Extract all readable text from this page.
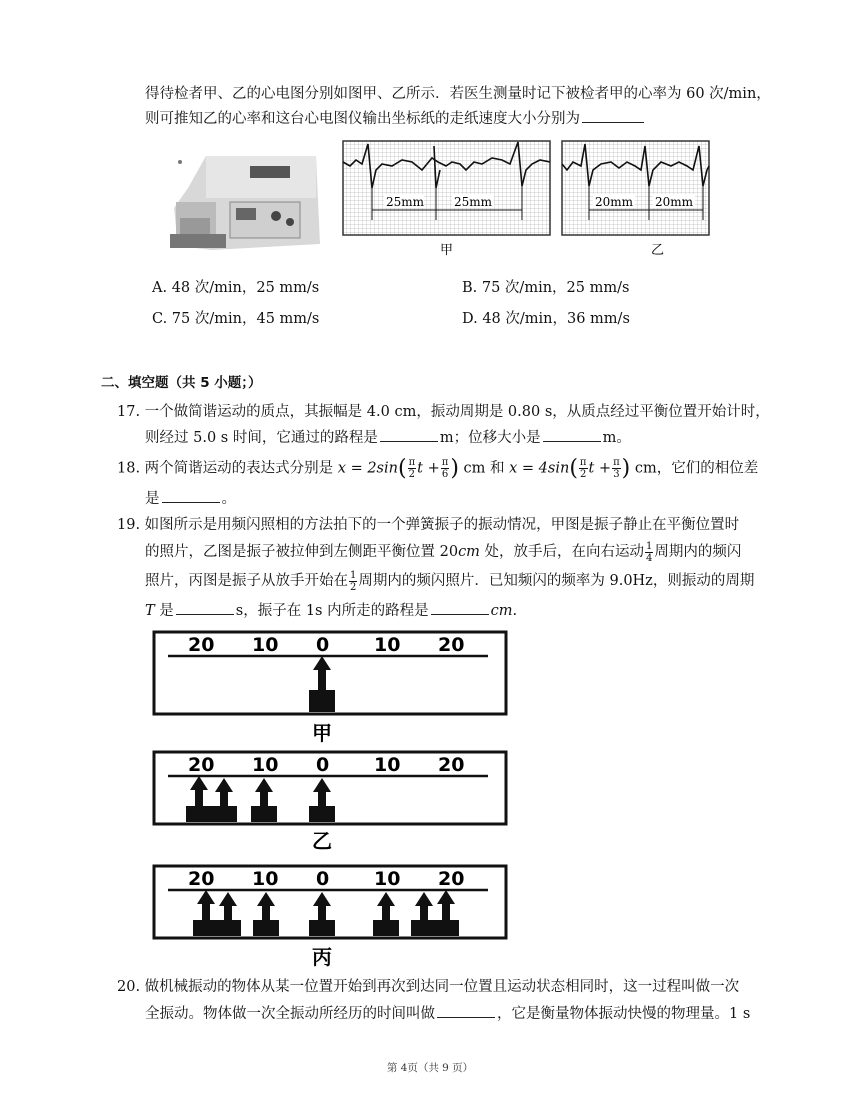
得待检者甲、乙的心电图分别如图甲、乙所示．若医生测量时记下被检者甲的心率为 60 次/min，
则可推知乙的心率和这台心电图仪输出坐标纸的走纸速度大小分别为
25mm 25mm
甲
20mm 20mm
乙
A. 48 次/min，25 mm/s	B. 75 次/min，25 mm/s
C. 75 次/min，45 mm/s	D. 48 次/min，36 mm/s
二、填空题（共 5 小题；）
17. 一个做简谐运动的质点，其振幅是 4.0 cm，振动周期是 0.80 s，从质点经过平衡位置开始计时，
则经过 5.0 s 时间，它通过的路程是	m；位移大小是	m。
18. 两个简谐运动的表达式分别是 $x = 2\sin( \frac{\pi}{2}$ $t + \frac{\pi}{6}$ ) cm 和 $x = 4\sin( \frac{\pi}{2}$ $t + \frac{\pi}{3}$ ) cm，它们的相位差
是	。
19. 如图所示是用频闪照相的方法拍下的一个弹簧振子的振动情况，甲图是振子静止在平衡位置时
的照片，乙图是振子被拉伸到左侧距平衡位置 20cm 处，放手后，在向右运动 $\frac{1}{4}$ 周期内的频闪
照片，丙图是振子从放手开始在 $\frac{1}{2}$ 周期内的频闪照片．已知频闪的频率为 9.0Hz，则振动的周期
T 是	s，振子在 1s 内所走的路程是	cm.
20 10 0 10 20
甲
20 10 0 10 20
乙
20 10 0 10 20
丙
20. 做机械振动的物体从某一位置开始到再次到达同一位置且运动状态相同时，这一过程叫做一次
全振动。物体做一次全振动所经历的时间叫做	，它是衡量物体振动快慢的物理量。1 s
第 4页（共 9 页）
